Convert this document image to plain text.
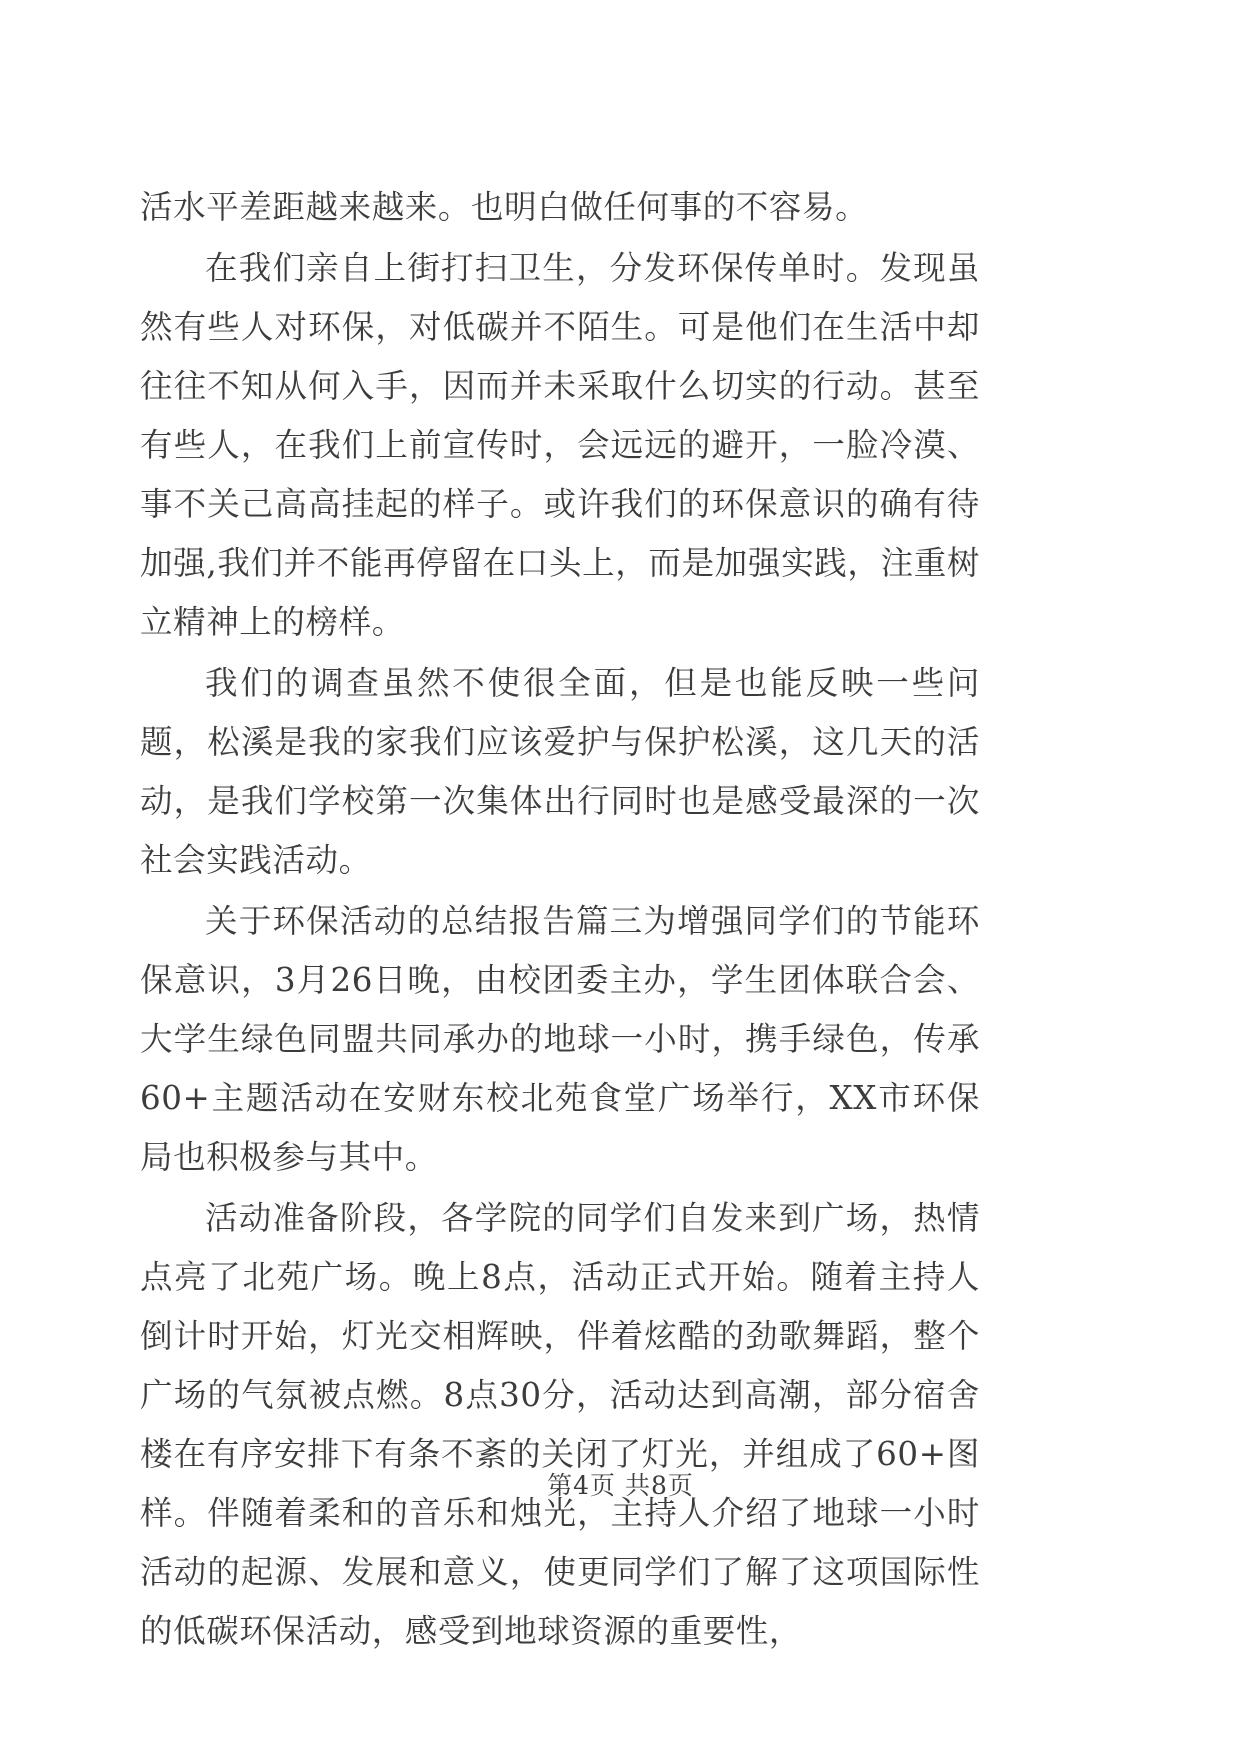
活水平差距越来越来。也明白做任何事的不容易。

在我们亲自上街打扫卫生，分发环保传单时。发现虽然有些人对环保，对低碳并不陌生。可是他们在生活中却往往不知从何入手，因而并未采取什么切实的行动。甚至有些人，在我们上前宣传时，会远远的避开，一脸冷漠、事不关己高高挂起的样子。或许我们的环保意识的确有待加强,我们并不能再停留在口头上，而是加强实践，注重树立精神上的榜样。

我们的调查虽然不使很全面，但是也能反映一些问题，松溪是我的家我们应该爱护与保护松溪，这几天的活动，是我们学校第一次集体出行同时也是感受最深的一次社会实践活动。

关于环保活动的总结报告篇三为增强同学们的节能环保意识，3月26日晚，由校团委主办，学生团体联合会、大学生绿色同盟共同承办的地球一小时，携手绿色，传承60+主题活动在安财东校北苑食堂广场举行，XX市环保局也积极参与其中。

活动准备阶段，各学院的同学们自发来到广场，热情点亮了北苑广场。晚上8点，活动正式开始。随着主持人倒计时开始，灯光交相辉映，伴着炫酷的劲歌舞蹈，整个广场的气氛被点燃。8点30分，活动达到高潮，部分宿舍楼在有序安排下有条不紊的关闭了灯光，并组成了60+图样。伴随着柔和的音乐和烛光，主持人介绍了地球一小时活动的起源、发展和意义，使更同学们了解了这项国际性的低碳环保活动，感受到地球资源的重要性，

第4页 共8页
